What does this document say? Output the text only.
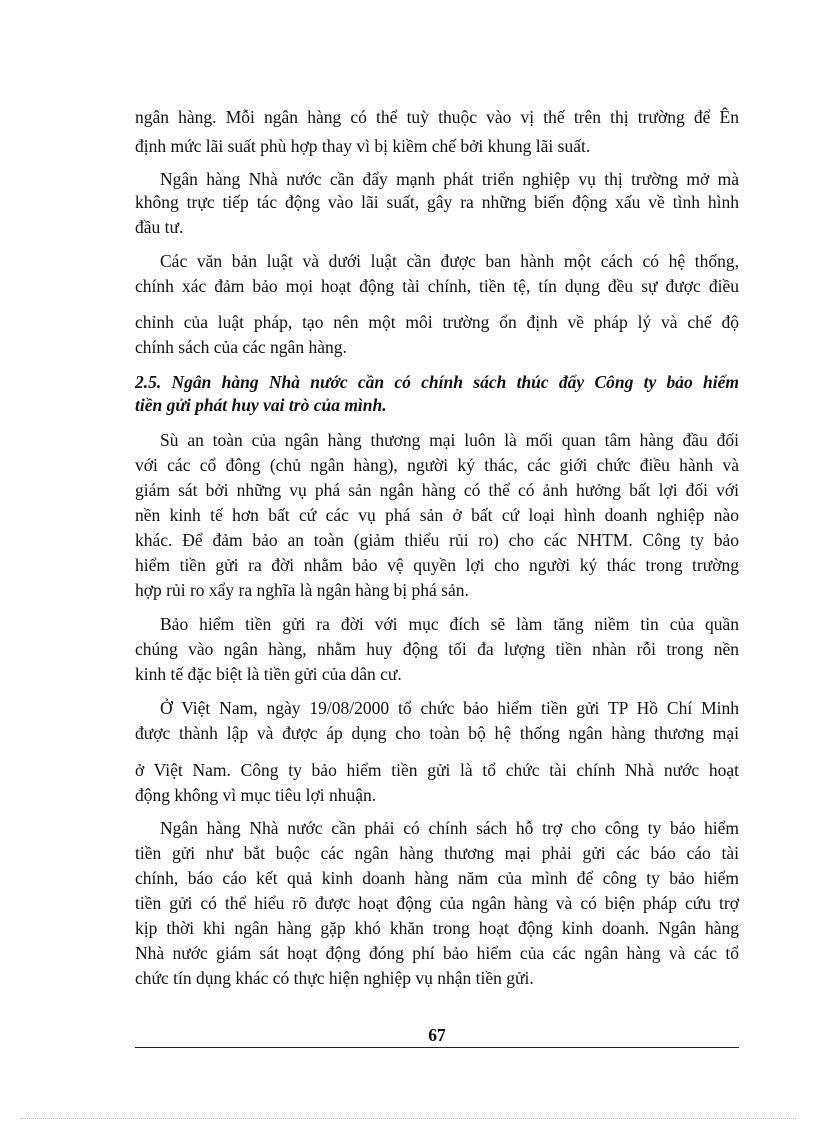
ngân hàng. Mỗi ngân hàng có thể tuỳ thuộc vào vị thế trên thị trường để Ên
định mức lãi suất phù hợp thay vì bị kiềm chế bởi khung lãi suất.
Ngân hàng Nhà nước cần đẩy mạnh phát triển nghiệp vụ thị trường mở mà
không trực tiếp tác động vào lãi suất, gây ra những biến động xấu về tình hình
đầu tư.
Các văn bản luật và dưới luật cần được ban hành một cách có hệ thống,
chính xác đảm bảo mọi hoạt động tài chính, tiền tệ, tín dụng đều sự được điều
chỉnh của luật pháp, tạo nên một môi trường ổn định về pháp lý và chế độ
chính sách của các ngân hàng.
2.5. Ngân hàng Nhà nước cần có chính sách thúc đẩy Công ty bảo hiểm
tiền gửi phát huy vai trò của mình.
Sù an toàn của ngân hàng thương mại luôn là mối quan tâm hàng đầu đối
với các cổ đông (chủ ngân hàng), người ký thác, các giới chức điều hành và
giám sát bởi những vụ phá sản ngân hàng có thể có ảnh hưởng bất lợi đối với
nền kinh tế hơn bất cứ các vụ phá sản ở bất cứ loại hình doanh nghiệp nào
khác. Để đảm bảo an toàn (giảm thiểu rủi ro) cho các NHTM. Công ty bảo
hiểm tiền gửi ra đời nhằm bảo vệ quyền lợi cho người ký thác trong trường
hợp rủi ro xẩy ra nghĩa là ngân hàng bị phá sản.
Bảo hiểm tiền gửi ra đời với mục đích sẽ làm tăng niềm tin của quần
chúng vào ngân hàng, nhằm huy động tối đa lượng tiền nhàn rỗi trong nền
kinh tế đặc biệt là tiền gửi của dân cư.
Ở Việt Nam, ngày 19/08/2000 tổ chức bảo hiểm tiền gửi TP Hồ Chí Minh
được thành lập và được áp dụng cho toàn bộ hệ thống ngân hàng thương mại
ở Việt Nam. Công ty bảo hiểm tiền gửi là tổ chức tài chính Nhà nước hoạt
động không vì mục tiêu lợi nhuận.
Ngân hàng Nhà nước cần phải có chính sách hỗ trợ cho công ty bảo hiểm
tiền gửi như bắt buộc các ngân hàng thương mại phải gửi các báo cáo tài
chính, báo cáo kết quả kinh doanh hàng năm của mình để công ty bảo hiểm
tiền gửi có thể hiểu rõ được hoạt động của ngân hàng và có biện pháp cứu trợ
kịp thời khi ngân hàng gặp khó khăn trong hoạt động kinh doanh. Ngân hàng
Nhà nước giám sát hoạt động đóng phí bảo hiểm của các ngân hàng và các tổ
chức tín dụng khác có thực hiện nghiệp vụ nhận tiền gửi.
67
